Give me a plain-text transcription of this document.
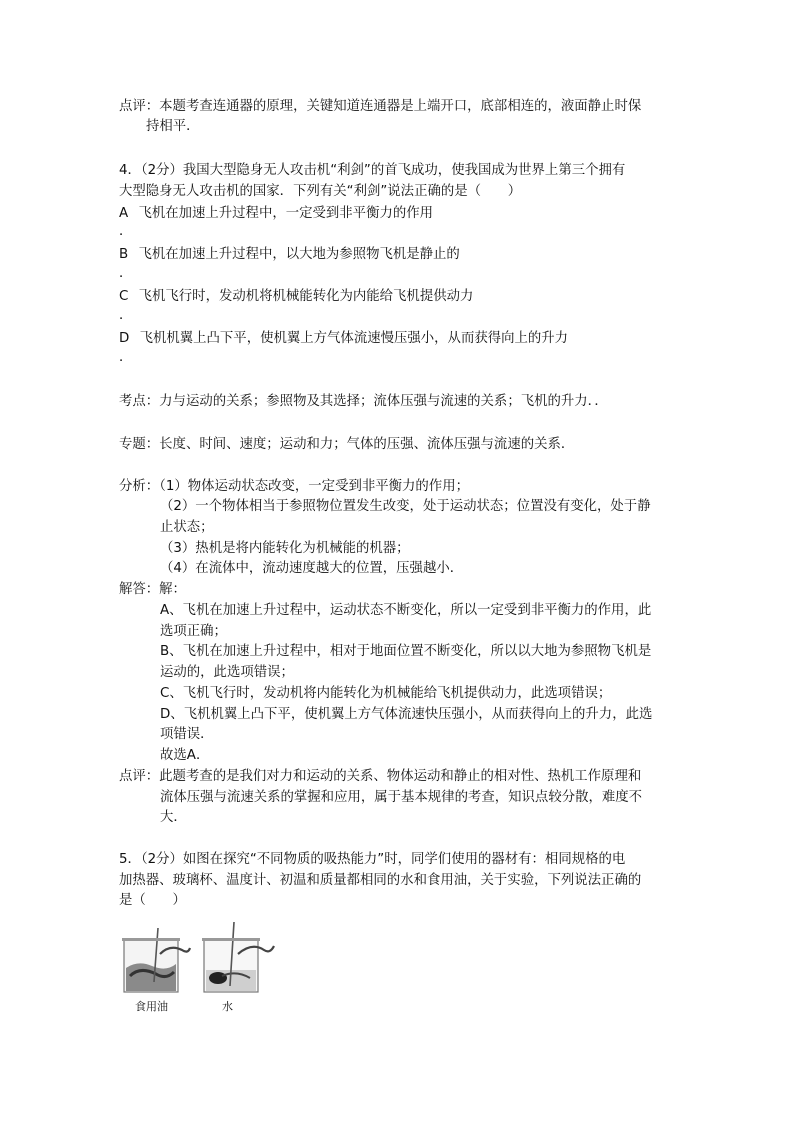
点评：本题考查连通器的原理，关键知道连通器是上端开口，底部相连的，液面静止时保
持相平．
4．（2分）我国大型隐身无人攻击机“利剑”的首飞成功，使我国成为世界上第三个拥有
大型隐身无人攻击机的国家．下列有关“利剑”说法正确的是（　　）
A 飞机在加速上升过程中，一定受到非平衡力的作用
．
B 飞机在加速上升过程中，以大地为参照物飞机是静止的
．
C 飞机飞行时，发动机将机械能转化为内能给飞机提供动力
．
D 飞机机翼上凸下平，使机翼上方气体流速慢压强小，从而获得向上的升力
．
考点：力与运动的关系；参照物及其选择；流体压强与流速的关系；飞机的升力．．
专题：长度、时间、速度；运动和力；气体的压强、流体压强与流速的关系．
分析：（1）物体运动状态改变，一定受到非平衡力的作用；
（2）一个物体相当于参照物位置发生改变，处于运动状态；位置没有变化，处于静
止状态；
（3）热机是将内能转化为机械能的机器；
（4）在流体中，流动速度越大的位置，压强越小．
解答：解：
A、飞机在加速上升过程中，运动状态不断变化，所以一定受到非平衡力的作用，此
选项正确；
B、飞机在加速上升过程中，相对于地面位置不断变化，所以以大地为参照物飞机是
运动的，此选项错误；
C、飞机飞行时，发动机将内能转化为机械能给飞机提供动力，此选项错误；
D、飞机机翼上凸下平，使机翼上方气体流速快压强小，从而获得向上的升力，此选
项错误．
故选A．
点评：此题考查的是我们对力和运动的关系、物体运动和静止的相对性、热机工作原理和
流体压强与流速关系的掌握和应用，属于基本规律的考查，知识点较分散，难度不
大．
5．（2分）如图在探究“不同物质的吸热能力”时，同学们使用的器材有：相同规格的电
加热器、玻璃杯、温度计、初温和质量都相同的水和食用油，关于实验，下列说法正确的
是（　　）
食用油	水
